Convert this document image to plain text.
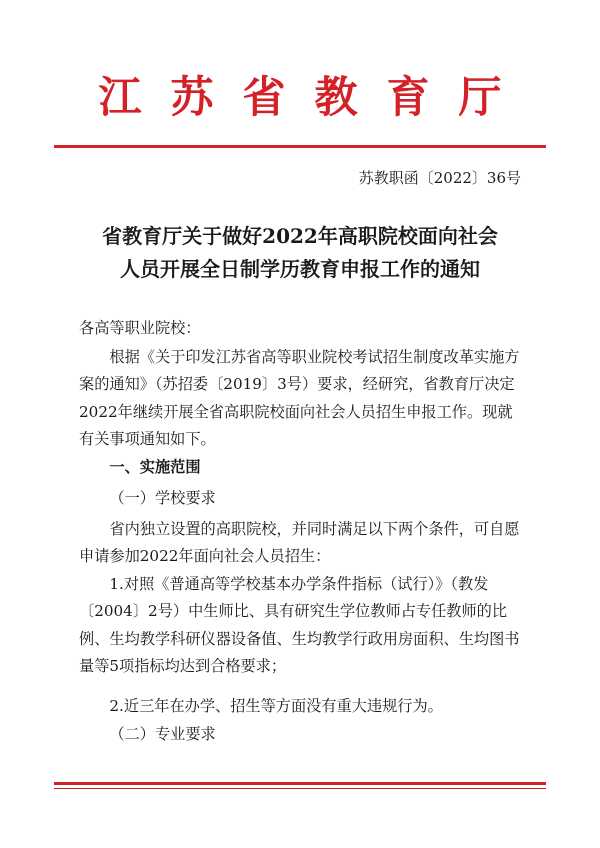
江苏省教育厅
苏教职函〔2022〕36号
省教育厅关于做好2022年高职院校面向社会
人员开展全日制学历教育申报工作的通知

各高等职业院校：

根据《关于印发江苏省高等职业院校考试招生制度改革实施方案的通知》（苏招委〔2019〕3号）要求，经研究，省教育厅决定2022年继续开展全省高职院校面向社会人员招生申报工作。现就有关事项通知如下。

一、实施范围

（一）学校要求

省内独立设置的高职院校，并同时满足以下两个条件，可自愿申请参加2022年面向社会人员招生：

1.对照《普通高等学校基本办学条件指标（试行）》（教发〔2004〕2号）中生师比、具有研究生学位教师占专任教师的比例、生均教学科研仪器设备值、生均教学行政用房面积、生均图书量等5项指标均达到合格要求；

2.近三年在办学、招生等方面没有重大违规行为。

（二）专业要求
